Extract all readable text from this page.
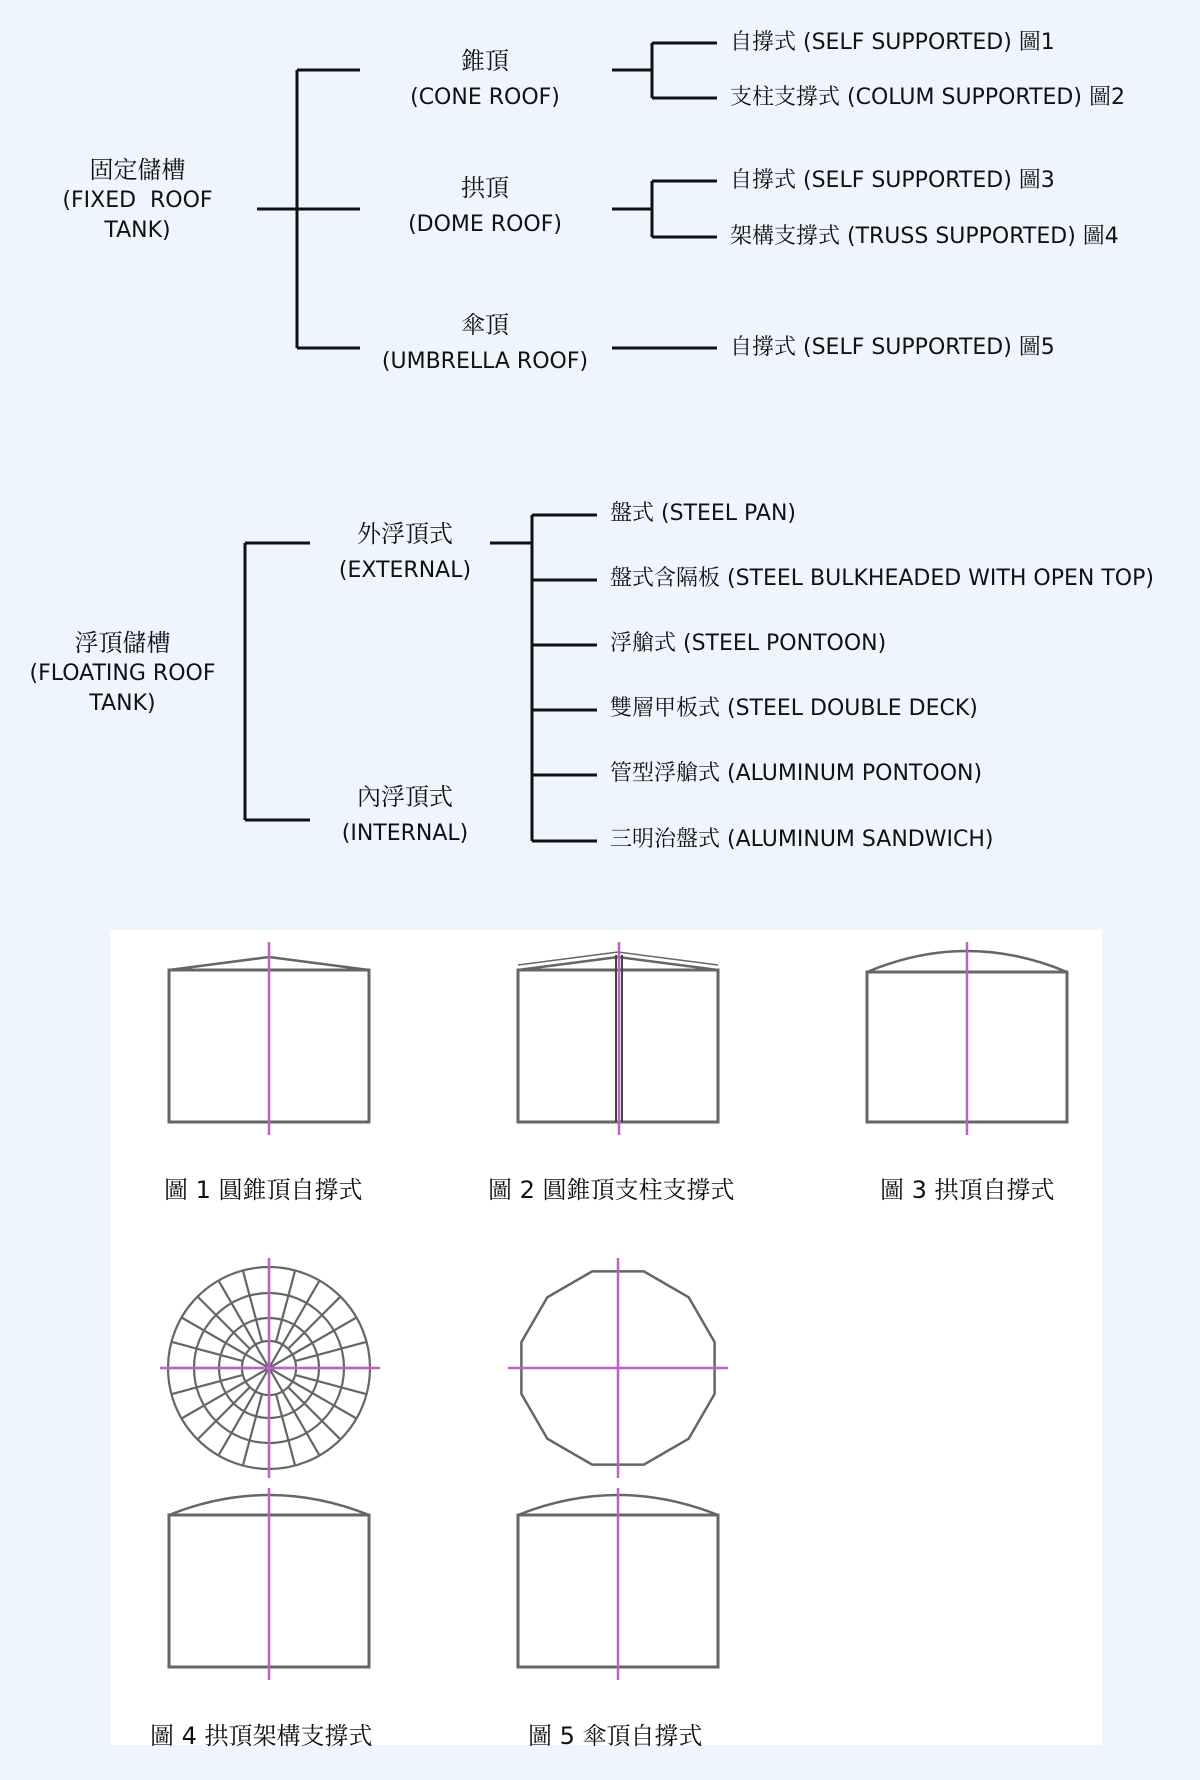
固定儲槽
(FIXED  ROOF
TANK)
錐頂
(CONE ROOF)
拱頂
(DOME ROOF)
傘頂
(UMBRELLA ROOF)
自撐式 (SELF SUPPORTED) 圖1
支柱支撐式 (COLUM SUPPORTED) 圖2
自撐式 (SELF SUPPORTED) 圖3
架構支撐式 (TRUSS SUPPORTED) 圖4
自撐式 (SELF SUPPORTED) 圖5
浮頂儲槽
(FLOATING ROOF
TANK)
外浮頂式
(EXTERNAL)
內浮頂式
(INTERNAL)
盤式 (STEEL PAN)
盤式含隔板 (STEEL BULKHEADED WITH OPEN TOP)
浮艙式 (STEEL PONTOON)
雙層甲板式 (STEEL DOUBLE DECK)
管型浮艙式 (ALUMINUM PONTOON)
三明治盤式 (ALUMINUM SANDWICH)
圖 1 圓錐頂自撐式	圖 2 圓錐頂支柱支撐式	圖 3 拱頂自撐式
圖 4 拱頂架構支撐式	圖 5 傘頂自撐式
